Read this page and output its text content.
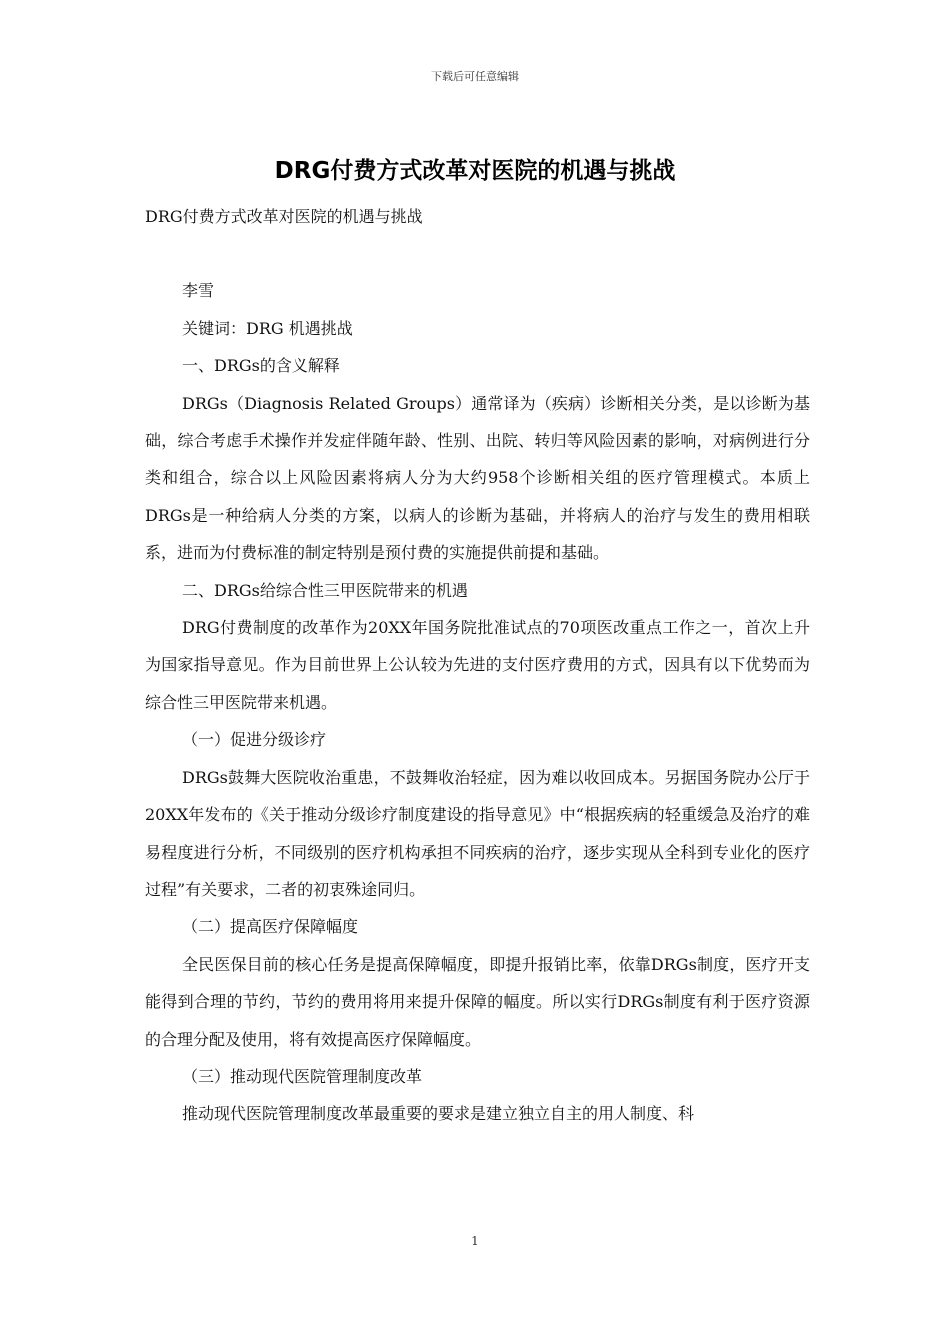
下载后可任意编辑
DRG付费方式改革对医院的机遇与挑战

DRG付费方式改革对医院的机遇与挑战

李雪

关键词：DRG 机遇挑战

一、DRGs的含义解释

DRGs（Diagnosis Related Groups）通常译为（疾病）诊断相关分类，是以诊断为基础，综合考虑手术操作并发症伴随年龄、性别、出院、转归等风险因素的影响，对病例进行分类和组合，综合以上风险因素将病人分为大约958个诊断相关组的医疗管理模式。本质上DRGs是一种给病人分类的方案，以病人的诊断为基础，并将病人的治疗与发生的费用相联系，进而为付费标准的制定特别是预付费的实施提供前提和基础。

二、DRGs给综合性三甲医院带来的机遇

DRG付费制度的改革作为20XX年国务院批准试点的70项医改重点工作之一，首次上升为国家指导意见。作为目前世界上公认较为先进的支付医疗费用的方式，因具有以下优势而为综合性三甲医院带来机遇。

（一）促进分级诊疗

DRGs鼓舞大医院收治重患，不鼓舞收治轻症，因为难以收回成本。另据国务院办公厅于20XX年发布的《关于推动分级诊疗制度建设的指导意见》中“根据疾病的轻重缓急及治疗的难易程度进行分析，不同级别的医疗机构承担不同疾病的治疗，逐步实现从全科到专业化的医疗过程”有关要求，二者的初衷殊途同归。

（二）提高医疗保障幅度

全民医保目前的核心任务是提高保障幅度，即提升报销比率，依靠DRGs制度，医疗开支能得到合理的节约，节约的费用将用来提升保障的幅度。所以实行DRGs制度有利于医疗资源的合理分配及使用，将有效提高医疗保障幅度。

（三）推动现代医院管理制度改革

推动现代医院管理制度改革最重要的要求是建立独立自主的用人制度、科

1
